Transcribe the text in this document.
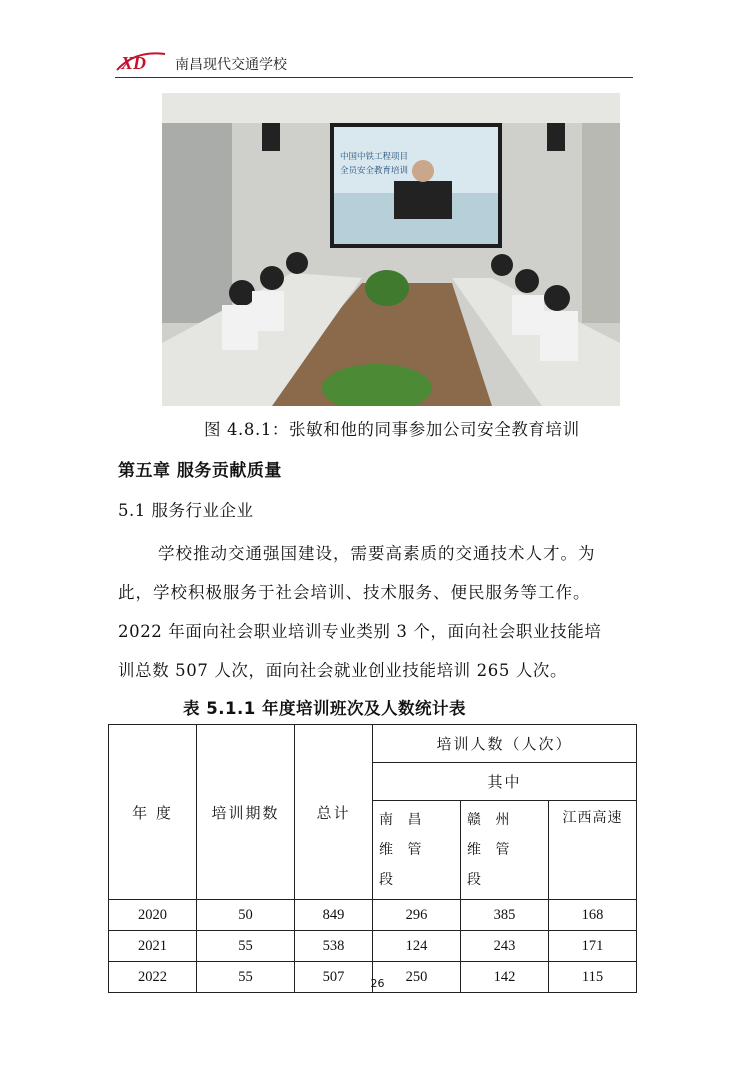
XD 南昌现代交通学校
中国中铁工程项目
全员安全教育培训
图 4.8.1：张敏和他的同事参加公司安全教育培训
第五章 服务贡献质量
5.1 服务行业企业
学校推动交通强国建设，需要高素质的交通技术人才。为
此，学校积极服务于社会培训、技术服务、便民服务等工作。
2022 年面向社会职业培训专业类别 3 个，面向社会职业技能培
训总数 507 人次，面向社会就业创业技能培训 265 人次。
表 5.1.1 年度培训班次及人数统计表
年 度	培训期数	总计	培训人数（人次）		
			其中		
			南 昌 维 管 段	赣 州 维 管 段	江西高速
2020	50	849	296	385	168
2021	55	538	124	243	171
2022	55	507	250	142	115
26
